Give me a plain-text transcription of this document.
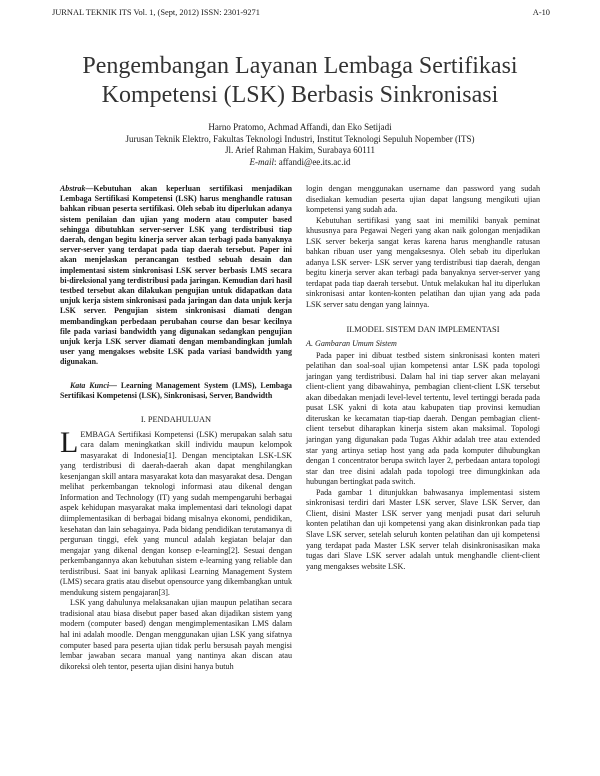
JURNAL TEKNIK ITS Vol. 1, (Sept, 2012) ISSN: 2301-9271	A-10
Pengembangan Layanan Lembaga Sertifikasi
Kompetensi (LSK) Berbasis Sinkronisasi
Harno Pratomo, Achmad Affandi, dan Eko Setijadi
Jurusan Teknik Elektro, Fakultas Teknologi Industri, Institut Teknologi Sepuluh Nopember (ITS)
Jl. Arief Rahman Hakim, Surabaya 60111
E-mail: affandi@ee.its.ac.id

Abstrak—Kebutuhan akan keperluan sertifikasi menjadikan Lembaga Sertifikasi Kompetensi (LSK) harus menghandle ratusan bahkan ribuan peserta sertifikasi. Oleh sebab itu diperlukan adanya sistem penilaian dan ujian yang modern atau computer based sehingga dibutuhkan server-server LSK yang terdistribusi tiap daerah, dengan begitu kinerja server akan terbagi pada banyaknya server-server yang terdapat pada tiap daerah tersebut. Paper ini akan menjelaskan perancangan testbed sebuah desain dan implementasi sistem sinkronisasi LSK server berbasis LMS secara bi-direksional yang terdistribusi pada jaringan. Kemudian dari hasil testbed tersebut akan dilakukan pengujian untuk didapatkan data unjuk kerja sistem sinkronisasi pada jaringan dan data unjuk kerja LSK server. Pengujian sistem sinkronisasi diamati dengan membandingkan perbedaan perubahan course dan besar kecilnya file pada variasi bandwidth yang digunakan sedangkan pengujian unjuk kerja LSK server diamati dengan membandingkan jumlah user yang mengakses website LSK pada variasi bandwidth yang digunakan.

Kata Kunci— Learning Management System (LMS), Lembaga Sertifikasi Kompetensi (LSK), Sinkronisasi, Server, Bandwidth

I. PENDAHULUAN

LEMBAGA Sertifikasi Kompetensi (LSK) merupakan salah satu cara dalam meningkatkan skill individu maupun kelompok masyarakat di Indonesia[1]. Dengan menciptakan LSK-LSK yang terdistribusi di daerah-daerah akan dapat menghilangkan kesenjangan skill antara masyarakat kota dan masyarakat desa. Dengan melihat perkembangan teknologi informasi atau dikenal dengan Information and Technology (IT) yang sudah mempengaruhi berbagai aspek kehidupan masyarakat maka implementasi dari teknologi dapat diimplementasikan di berbagai bidang misalnya ekonomi, pendidikan, kesehatan dan lain sebagainya. Pada bidang pendidikan terutamanya di perguruan tinggi, efek yang muncul adalah kegiatan belajar dan mengajar yang dikenal dengan konsep e-learning[2]. Sesuai dengan perkembangannya akan kebutuhan sistem e-learning yang reliable dan terdistribusi. Saat ini banyak aplikasi Learning Management System (LMS) secara gratis atau disebut opensource yang dikembangkan untuk mendukung sistem pengajaran[3].

LSK yang dahulunya melaksanakan ujian maupun pelatihan secara tradisional atau biasa disebut paper based akan dijadikan sistem yang modern (computer based) dengan mengimplementasikan LMS dalam hal ini adalah moodle. Dengan menggunakan ujian LSK yang sifatnya computer based para peserta ujian tidak perlu bersusah payah mengisi lembar jawaban secara manual yang nantinya akan discan atau dikoreksi oleh tentor, peserta ujian disini hanya butuh

login dengan menggunakan username dan password yang sudah disediakan kemudian peserta ujian dapat langsung mengikuti ujian kompetensi yang sudah ada.

Kebutuhan sertifikasi yang saat ini memiliki banyak peminat khususnya para Pegawai Negeri yang akan naik golongan menjadikan LSK server bekerja sangat keras karena harus menghandle ratusan bahkan ribuan user yang mengaksesnya. Oleh sebab itu diperlukan adanya LSK server- LSK server yang terdistribusi tiap daerah, dengan begitu kinerja server akan terbagi pada banyaknya server-server yang terdapat pada tiap daerah tersebut. Untuk melakukan hal itu diperlukan sinkronisasi antar konten-konten pelatihan dan ujian yang ada pada LSK server satu dengan yang lainnya.

II.MODEL SISTEM DAN IMPLEMENTASI
A. Gambaran Umum Sistem

Pada paper ini dibuat testbed sistem sinkronisasi konten materi pelatihan dan soal-soal ujian kompetensi antar LSK pada topologi jaringan yang terdistribusi. Dalam hal ini tiap server akan melayani client-client yang dibawahinya, pembagian client-client LSK tersebut akan dibedakan menjadi level-level tertentu, level tertinggi berada pada pusat LSK yakni di kota atau kabupaten tiap provinsi kemudian diteruskan ke kecamatan tiap-tiap daerah. Dengan pembagian client-client tersebut diharapkan kinerja sistem akan maksimal. Topologi jaringan yang digunakan pada Tugas Akhir adalah tree atau extended star yang artinya setiap host yang ada pada komputer dihubungkan dengan 1 concentrator berupa switch layer 2, perbedaan antara topologi star dan tree disini adalah pada topologi tree dimungkinkan ada hubungan bertingkat pada switch.

Pada gambar 1 ditunjukkan bahwasanya implementasi sistem sinkronisasi terdiri dari Master LSK server, Slave LSK Server, dan Client, disini Master LSK server yang menjadi pusat dari seluruh konten pelatihan dan uji kompetensi yang akan disinkronkan pada tiap Slave LSK server, setelah seluruh konten pelatihan dan uji kompetensi yang terdapat pada Master LSK server telah disinkronisasikan maka tugas dari Slave LSK server adalah untuk menghandle client-client yang mengakses website LSK.
